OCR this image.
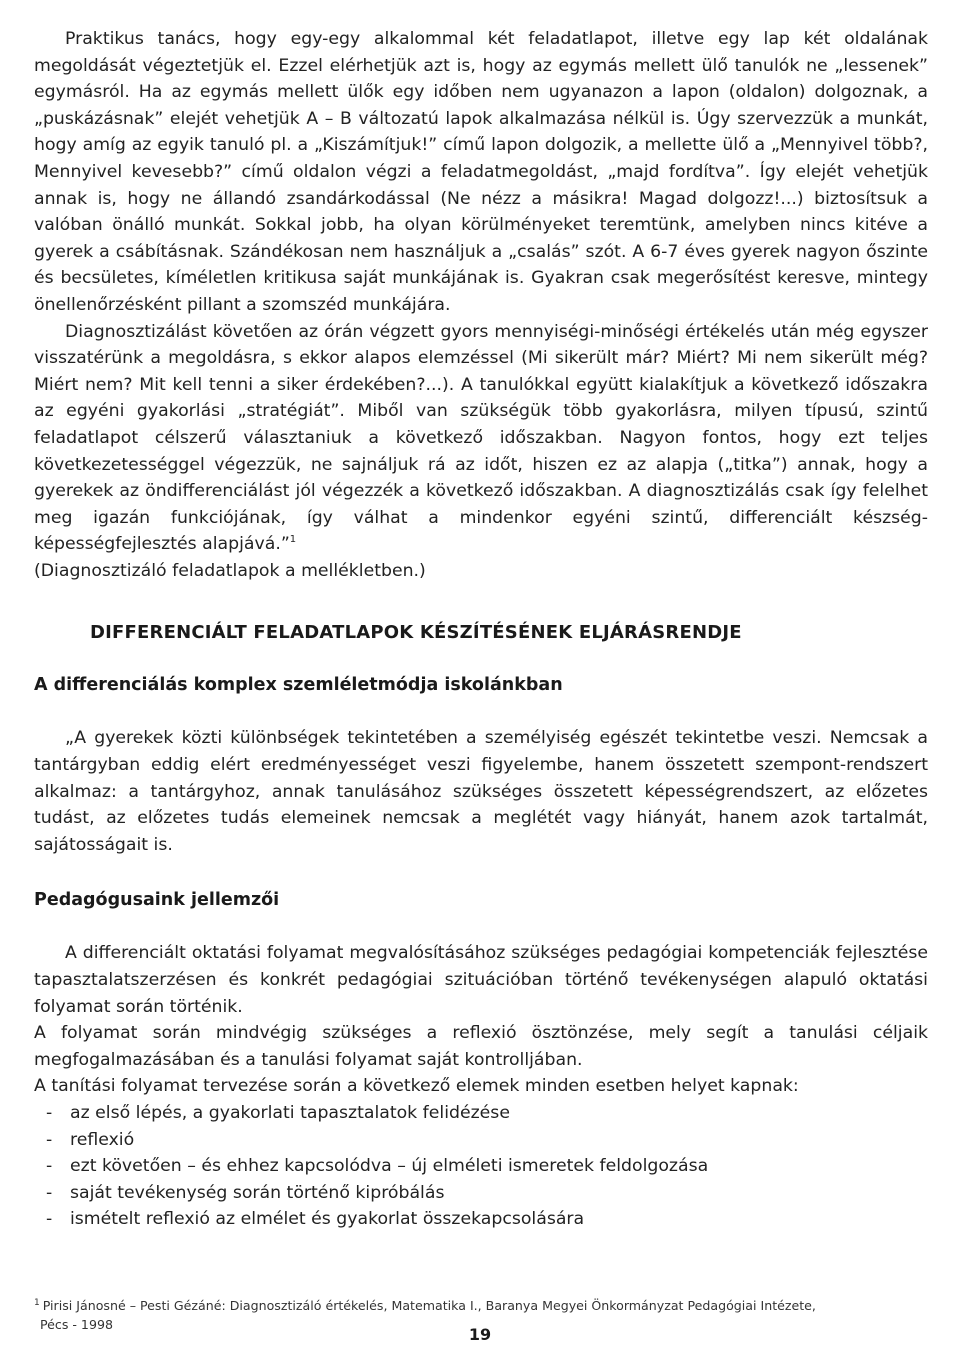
Praktikus tanács, hogy egy-egy alkalommal két feladatlapot, illetve egy lap két oldalának megoldását végeztetjük el. Ezzel elérhetjük azt is, hogy az egymás mellett ülő tanulók ne „lessenek” egymásról. Ha az egymás mellett ülők egy időben nem ugyanazon a lapon (oldalon) dolgoznak, a „puskázásnak” elejét vehetjük A – B változatú lapok alkalmazása nélkül is. Úgy szervezzük a munkát, hogy amíg az egyik tanuló pl. a „Kiszámítjuk!” című lapon dolgozik, a mellette ülő a „Mennyivel több?, Mennyivel kevesebb?” című oldalon végzi a feladatmegoldást, „majd fordítva”. Így elejét vehetjük annak is, hogy ne állandó zsandárkodással (Ne nézz a másikra! Magad dolgozz!...) biztosítsuk a valóban önálló munkát. Sokkal jobb, ha olyan körülményeket teremtünk, amelyben nincs kitéve a gyerek a csábításnak. Szándékosan nem használjuk a „csalás” szót. A 6-7 éves gyerek nagyon őszinte és becsületes, kíméletlen kritikusa saját munkájának is. Gyakran csak megerősítést keresve, mintegy önellenőrzésként pillant a szomszéd munkájára.

Diagnosztizálást követően az órán végzett gyors mennyiségi-minőségi értékelés után még egyszer visszatérünk a megoldásra, s ekkor alapos elemzéssel (Mi sikerült már? Miért? Mi nem sikerült még? Miért nem? Mit kell tenni a siker érdekében?...). A tanulókkal együtt kialakítjuk a következő időszakra az egyéni gyakorlási „stratégiát”. Miből van szükségük több gyakorlásra, milyen típusú, szintű feladatlapot célszerű választaniuk a következő időszakban. Nagyon fontos, hogy ezt teljes következetességgel végezzük, ne sajnáljuk rá az időt, hiszen ez az alapja („titka”) annak, hogy a gyerekek az öndifferenciálást jól végezzék a következő időszakban. A diagnosztizálás csak így felelhet meg igazán funkciójának, így válhat a mindenkor egyéni szintű, differenciált készség-képességfejlesztés alapjává.”$^1$

(Diagnosztizáló feladatlapok a mellékletben.)

DIFFERENCIÁLT FELADATLAPOK KÉSZÍTÉSÉNEK ELJÁRÁSRENDJE
A differenciálás komplex szemléletmódja iskolánkban

„A gyerekek közti különbségek tekintetében a személyiség egészét tekintetbe veszi. Nemcsak a tantárgyban eddig elért eredményességet veszi figyelembe, hanem összetett szempont-rendszert alkalmaz: a tantárgyhoz, annak tanulásához szükséges összetett képességrendszert, az előzetes tudást, az előzetes tudás elemeinek nemcsak a meglétét vagy hiányát, hanem azok tartalmát, sajátosságait is.

Pedagógusaink jellemzői

A differenciált oktatási folyamat megvalósításához szükséges pedagógiai kompetenciák fejlesztése tapasztalatszerzésen és konkrét pedagógiai szituációban történő tevékenységen alapuló oktatási folyamat során történik.

A folyamat során mindvégig szükséges a reflexió ösztönzése, mely segít a tanulási céljaik megfogalmazásában és a tanulási folyamat saját kontrolljában.

A tanítási folyamat tervezése során a következő elemek minden esetben helyet kapnak:

- az első lépés, a gyakorlati tapasztalatok felidézése
- reflexió
- ezt követően – és ehhez kapcsolódva – új elméleti ismeretek feldolgozása
- saját tevékenység során történő kipróbálás
- ismételt reflexió az elmélet és gyakorlat összekapcsolására
$^1$ Pirisi Jánosné – Pesti Gézáné: Diagnosztizáló értékelés, Matematika I., Baranya Megyei Önkormányzat Pedagógiai Intézete,
Pécs - 1998
19
